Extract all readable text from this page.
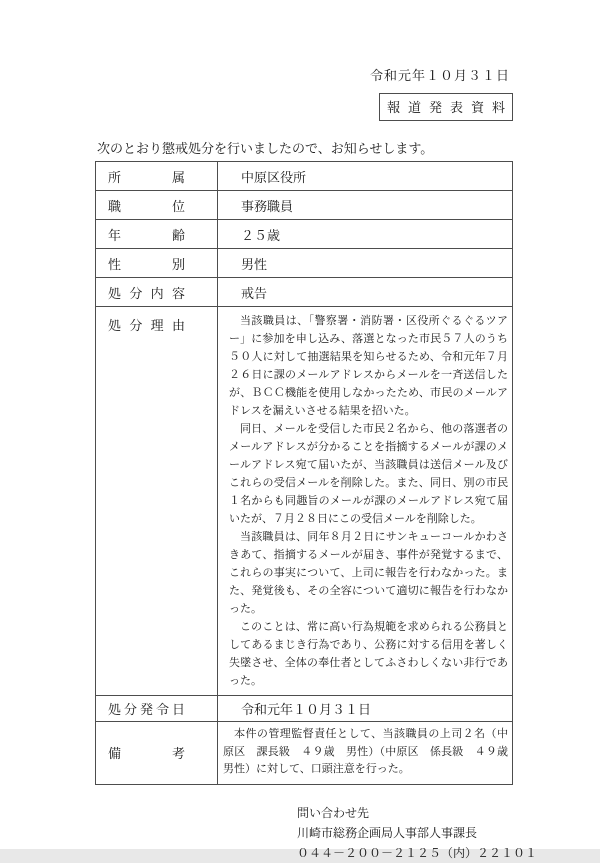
令和元年１０月３１日
報道発表資料
次のとおり懲戒処分を行いましたので、お知らせします。
所属	中原区役所
職位	事務職員
年齢	２５歳
性別	男性
処分内容	戒告
処分理由	当該職員は、「警察署・消防署・区役所ぐるぐるツアー」に参加を申し込み、落選となった市民５７人のうち５０人に対して抽選結果を知らせるため、令和元年７月２６日に課のメールアドレスからメールを一斉送信したが、ＢＣＣ機能を使用しなかったため、市民のメールアドレスを漏えいさせる結果を招いた。

同日、メールを受信した市民２名から、他の落選者のメールアドレスが分かることを指摘するメールが課のメールアドレス宛て届いたが、当該職員は送信メール及びこれらの受信メールを削除した。また、同日、別の市民１名からも同趣旨のメールが課のメールアドレス宛て届いたが、７月２８日にこの受信メールを削除した。

当該職員は、同年８月２日にサンキューコールかわさきあて、指摘するメールが届き、事件が発覚するまで、これらの事実について、上司に報告を行わなかった。また、発覚後も、その全容について適切に報告を行わなかった。

このことは、常に高い行為規範を求められる公務員としてあるまじき行為であり、公務に対する信用を著しく失墜させ、全体の奉仕者としてふさわしくない非行であった。

処分発令日	令和元年１０月３１日
備考	本件の管理監督責任として、当該職員の上司２名（中原区　課長級　４９歳　男性）（中原区　係長級　４９歳　男性）に対して、口頭注意を行った。

問い合わせ先
川崎市総務企画局人事部人事課長
０４４－２００－２１２５（内）２２１０１
